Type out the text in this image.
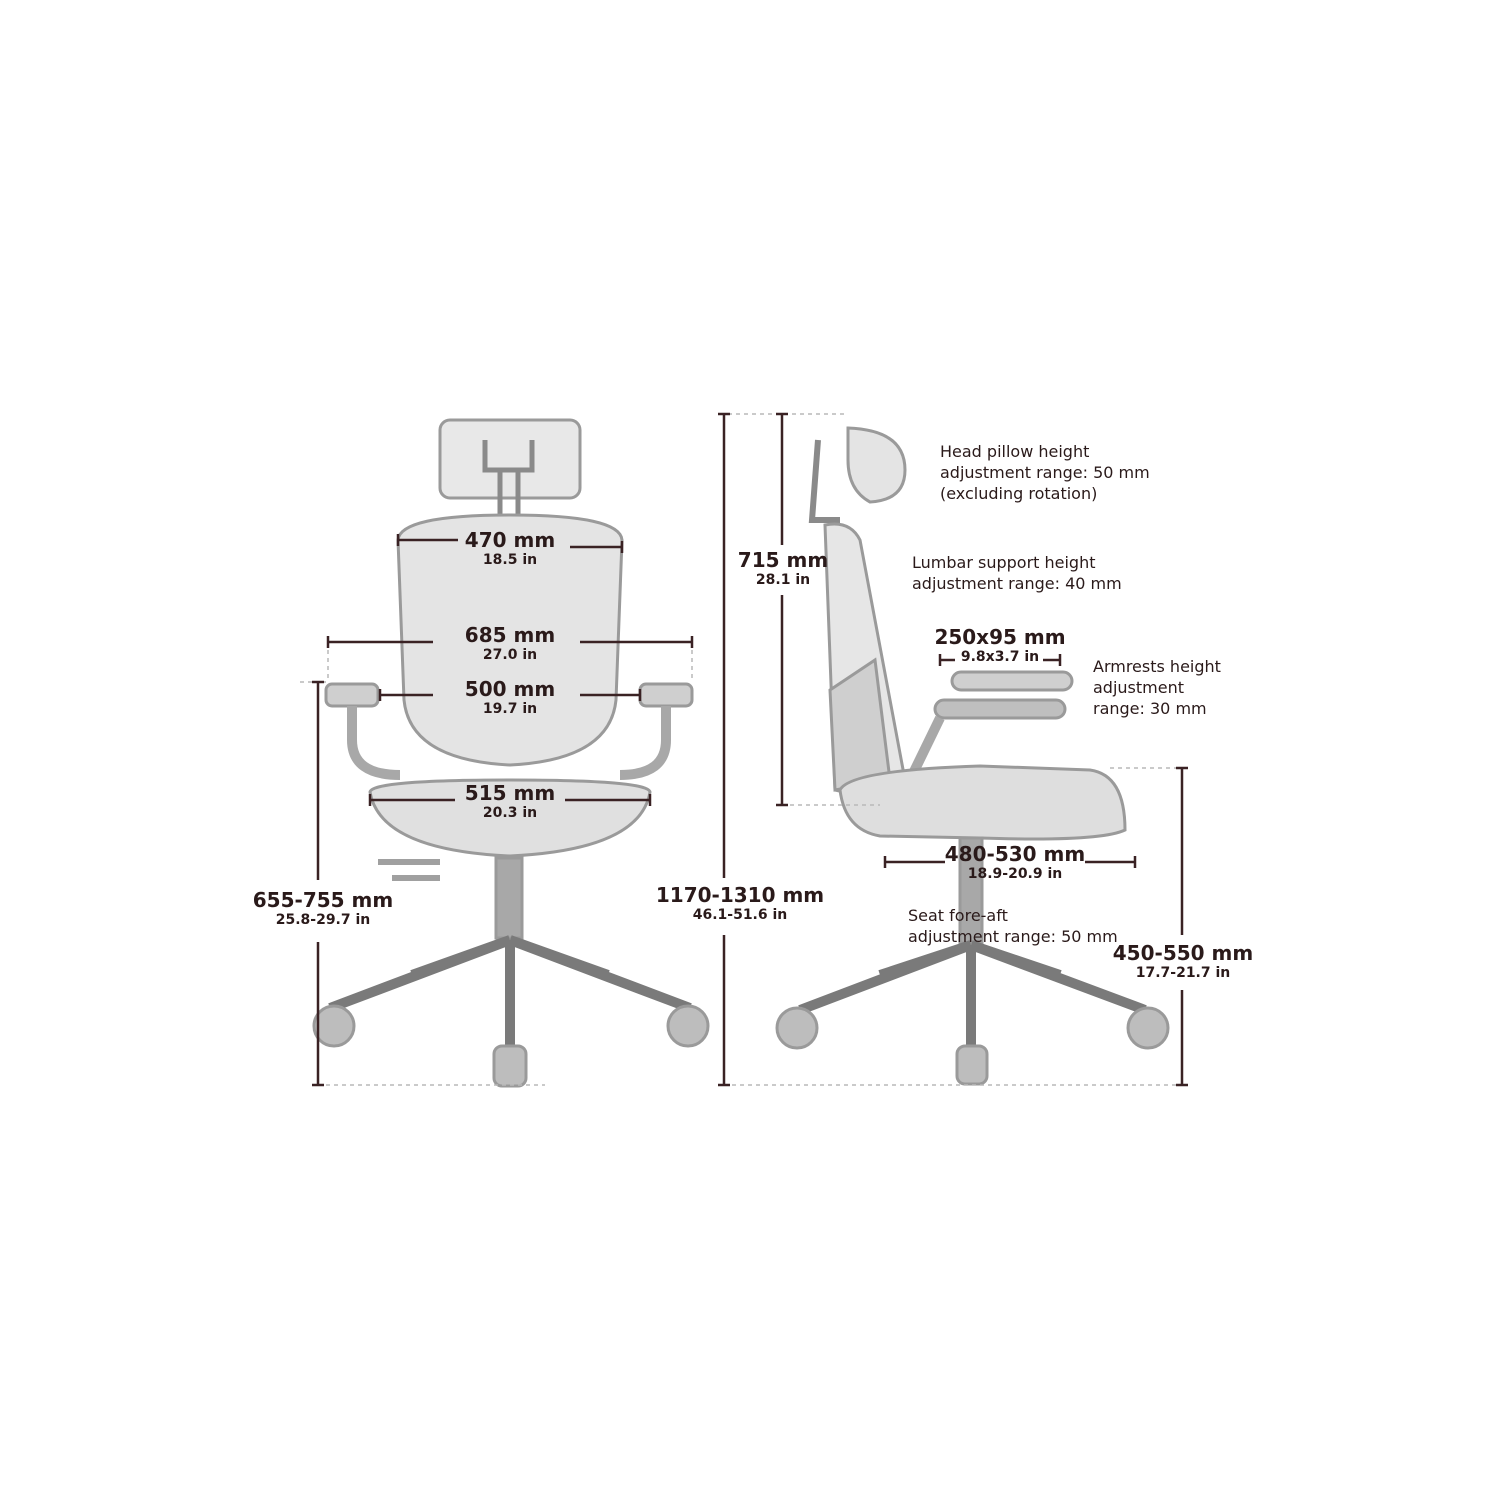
470 mm
18.5 in
685 mm
27.0 in
500 mm
19.7 in
515 mm
20.3 in
655-755 mm
25.8-29.7 in
1170-1310 mm
46.1-51.6 in
715 mm
28.1 in
250x95 mm
9.8x3.7 in
480-530 mm
18.9-20.9 in
450-550 mm
17.7-21.7 in
Head pillow height
adjustment range: 50 mm
(excluding rotation)
Lumbar support height
adjustment range: 40 mm
Armrests height
adjustment
range: 30 mm
Seat fore-aft
adjustment range: 50 mm
